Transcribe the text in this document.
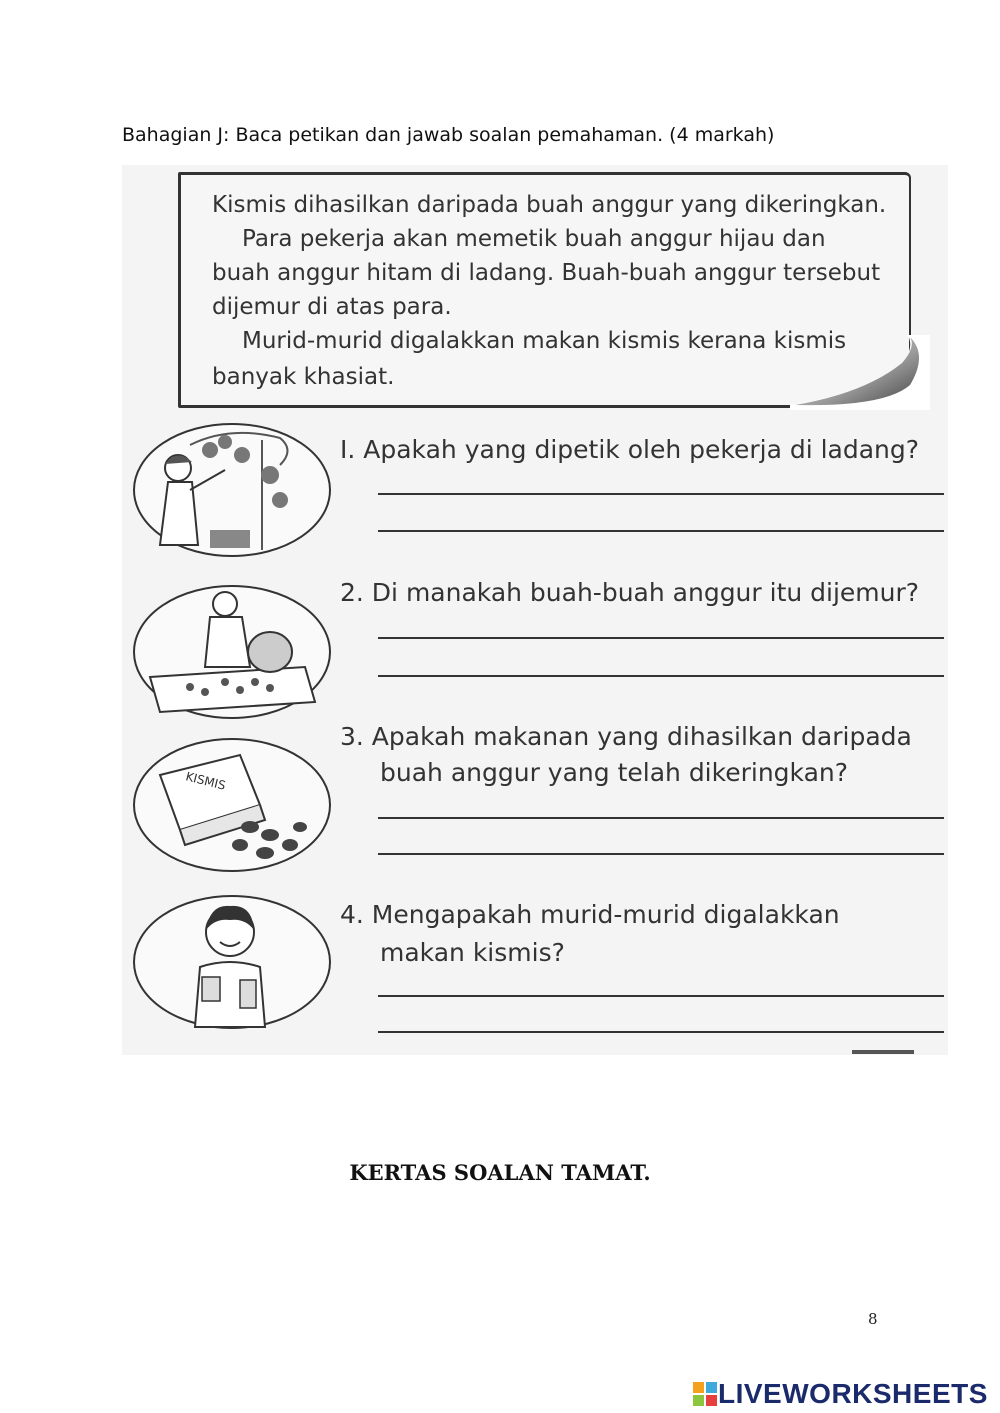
Bahagian J: Baca petikan dan jawab soalan pemahaman. (4 markah)
Kismis dihasilkan daripada buah anggur yang dikeringkan.
Para pekerja akan memetik buah anggur hijau dan
buah anggur hitam di ladang. Buah-buah anggur tersebut
dijemur di atas para.
Murid-murid digalakkan makan kismis kerana kismis
banyak khasiat.
I. Apakah yang dipetik oleh pekerja di ladang?
2. Di manakah buah-buah anggur itu dijemur?
KISMIS
3. Apakah makanan yang dihasilkan daripada
buah anggur yang telah dikeringkan?
4. Mengapakah murid-murid digalakkan
makan kismis?
KERTAS SOALAN TAMAT.
8
LIVEWORKSHEETS
